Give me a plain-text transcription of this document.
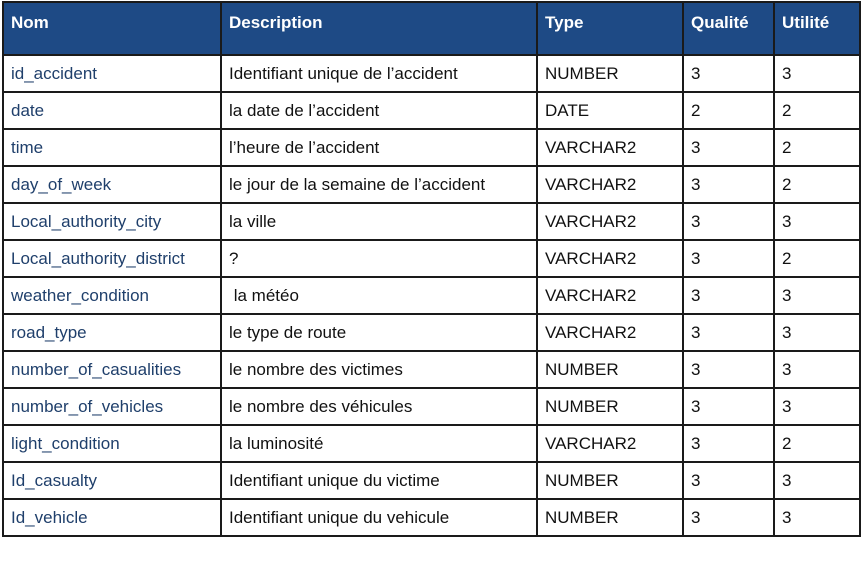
Nom	Description	Type	Qualité	Utilité
id_accident	Identifiant unique de l’accident	NUMBER	3	3
date	la date de l’accident	DATE	2	2
time	l’heure de l’accident	VARCHAR2	3	2
day_of_week	le jour de la semaine de l’accident	VARCHAR2	3	2
Local_authority_city	la ville	VARCHAR2	3	3
Local_authority_district	?	VARCHAR2	3	2
weather_condition	la météo	VARCHAR2	3	3
road_type	le type de route	VARCHAR2	3	3
number_of_casualities	le nombre des victimes	NUMBER	3	3
number_of_vehicles	le nombre des véhicules	NUMBER	3	3
light_condition	la luminosité	VARCHAR2	3	2
Id_casualty	Identifiant unique du victime	NUMBER	3	3
Id_vehicle	Identifiant unique du vehicule	NUMBER	3	3
